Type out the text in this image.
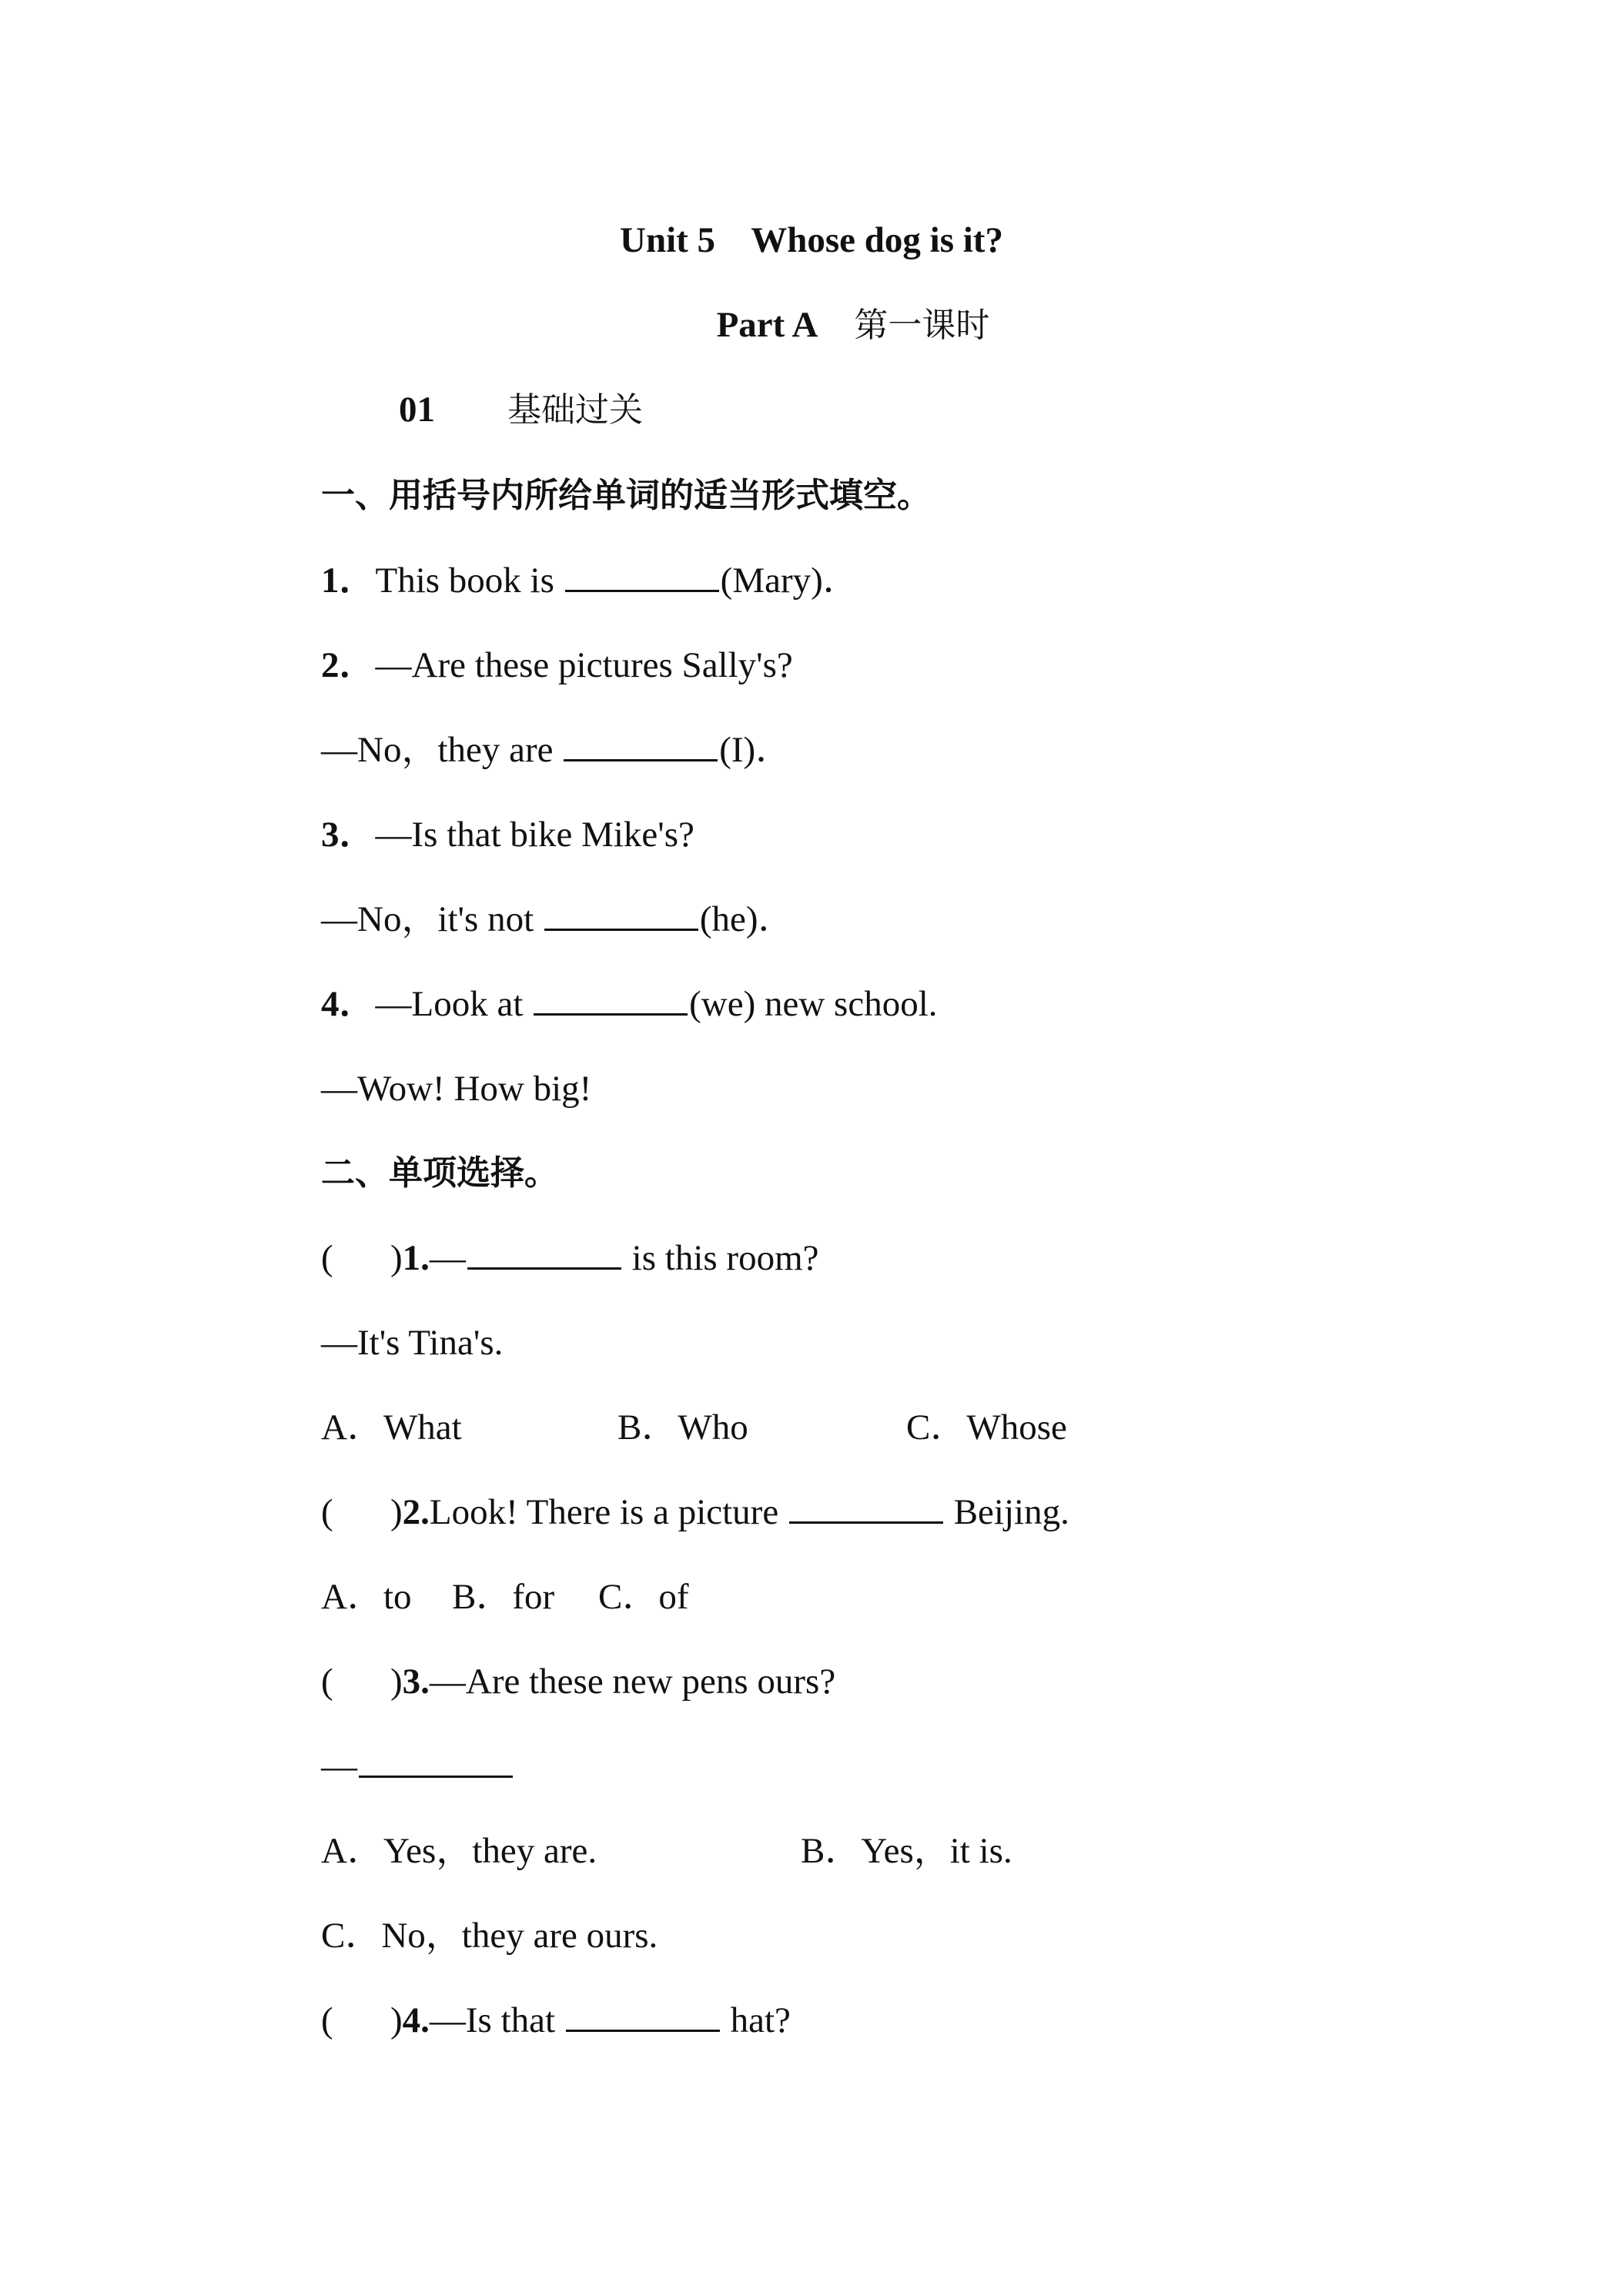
Unit 5 Whose dog is it?
Part A 第一课时
01 基础过关
一、用括号内所给单词的适当形式填空。
1．This book is	(Mary)．
2．—Are these pictures Sally's?
—No，they are	(I)．
3．—Is that bike Mike's?
—No，it's not	(he)．
4．—Look at	(we) new school.
—Wow! How big!
二、单项选择。
( )1.—	is this room?
—It's Tina's.
A．What	B．Who	C．Whose
( )2.Look! There is a picture	Beijing.
A．to B．for C．of
( )3.—Are these new pens ours?
—
A．Yes，they are.	B．Yes，it is.
C．No，they are ours.
( )4.—Is that	hat?
